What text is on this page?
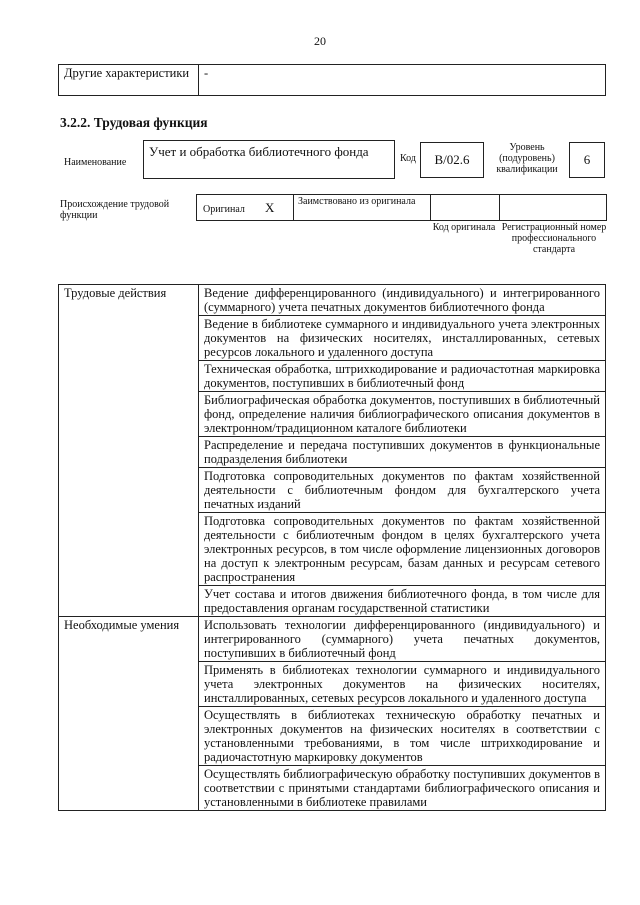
20
Другие характеристики	-
3.2.2. Трудовая функция
Наименование
Учет и обработка библиотечного фонда	Код	B/02.6
Уровень (подуровень) квалификации
6
Происхождение трудовой функции
Оригинал X Заимствовано из оригинала
Код оригинала Регистрационный номер профессионального стандарта
Трудовые действия	Ведение дифференцированного (индивидуального) и интегрированного (суммарного) учета печатных документов библиотечного фонда
	Ведение в библиотеке суммарного и индивидуального учета электронных документов на физических носителях, инсталлированных, сетевых ресурсов локального и удаленного доступа
	Техническая обработка, штрихкодирование и радиочастотная маркировка документов, поступивших в библиотечный фонд
	Библиографическая обработка документов, поступивших в библиотечный фонд, определение наличия библиографического описания документов в электронном/традиционном каталоге библиотеки
	Распределение и передача поступивших документов в функциональные подразделения библиотеки
	Подготовка сопроводительных документов по фактам хозяйственной деятельности с библиотечным фондом для бухгалтерского учета печатных изданий
	Подготовка сопроводительных документов по фактам хозяйственной деятельности с библиотечным фондом в целях бухгалтерского учета электронных ресурсов, в том числе оформление лицензионных договоров на доступ к электронным ресурсам, базам данных и ресурсам сетевого распространения
	Учет состава и итогов движения библиотечного фонда, в том числе для предоставления органам государственной статистики
Необходимые умения	Использовать технологии дифференцированного (индивидуального) и интегрированного (суммарного) учета печатных документов, поступивших в библиотечный фонд
	Применять в библиотеках технологии суммарного и индивидуального учета электронных документов на физических носителях, инсталлированных, сетевых ресурсов локального и удаленного доступа
	Осуществлять в библиотеках техническую обработку печатных и электронных документов на физических носителях в соответствии с установленными требованиями, в том числе штрихкодирование и радиочастотную маркировку документов
	Осуществлять библиографическую обработку поступивших документов в соответствии с принятыми стандартами библиографического описания и установленными в библиотеке правилами
